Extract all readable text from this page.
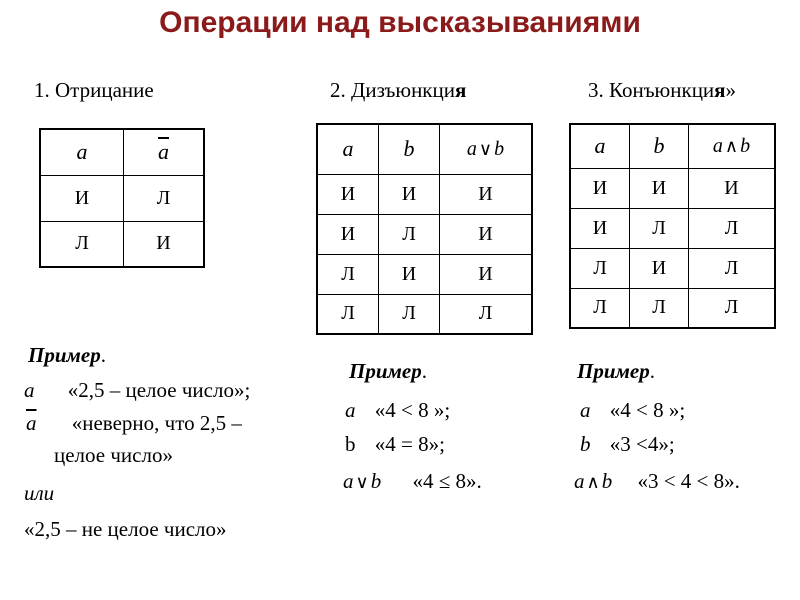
Операции над высказываниями
1. Отрицание	2. Дизъюнкция	3. Конъюнкция»
a	$\overline{a}$
И	Л
Л	И
a	b	a ∨ b
И	И	И
И	Л	И
Л	И	И
Л	Л	Л
a	b	a ∧ b
И	И	И
И	Л	Л
Л	И	Л
Л	Л	Л
Пример.
a «2,5 – целое число»;
$\overline{a}$ «неверно, что 2,5 –
целое число»
или
«2,5 – не целое число»
Пример.
a «4 < 8 »;
b «4 = 8»;
a ∨b «4 ≤ 8».
Пример.
a «4 < 8 »;
b «3 <4»;
a ∧b «3 < 4 < 8».
